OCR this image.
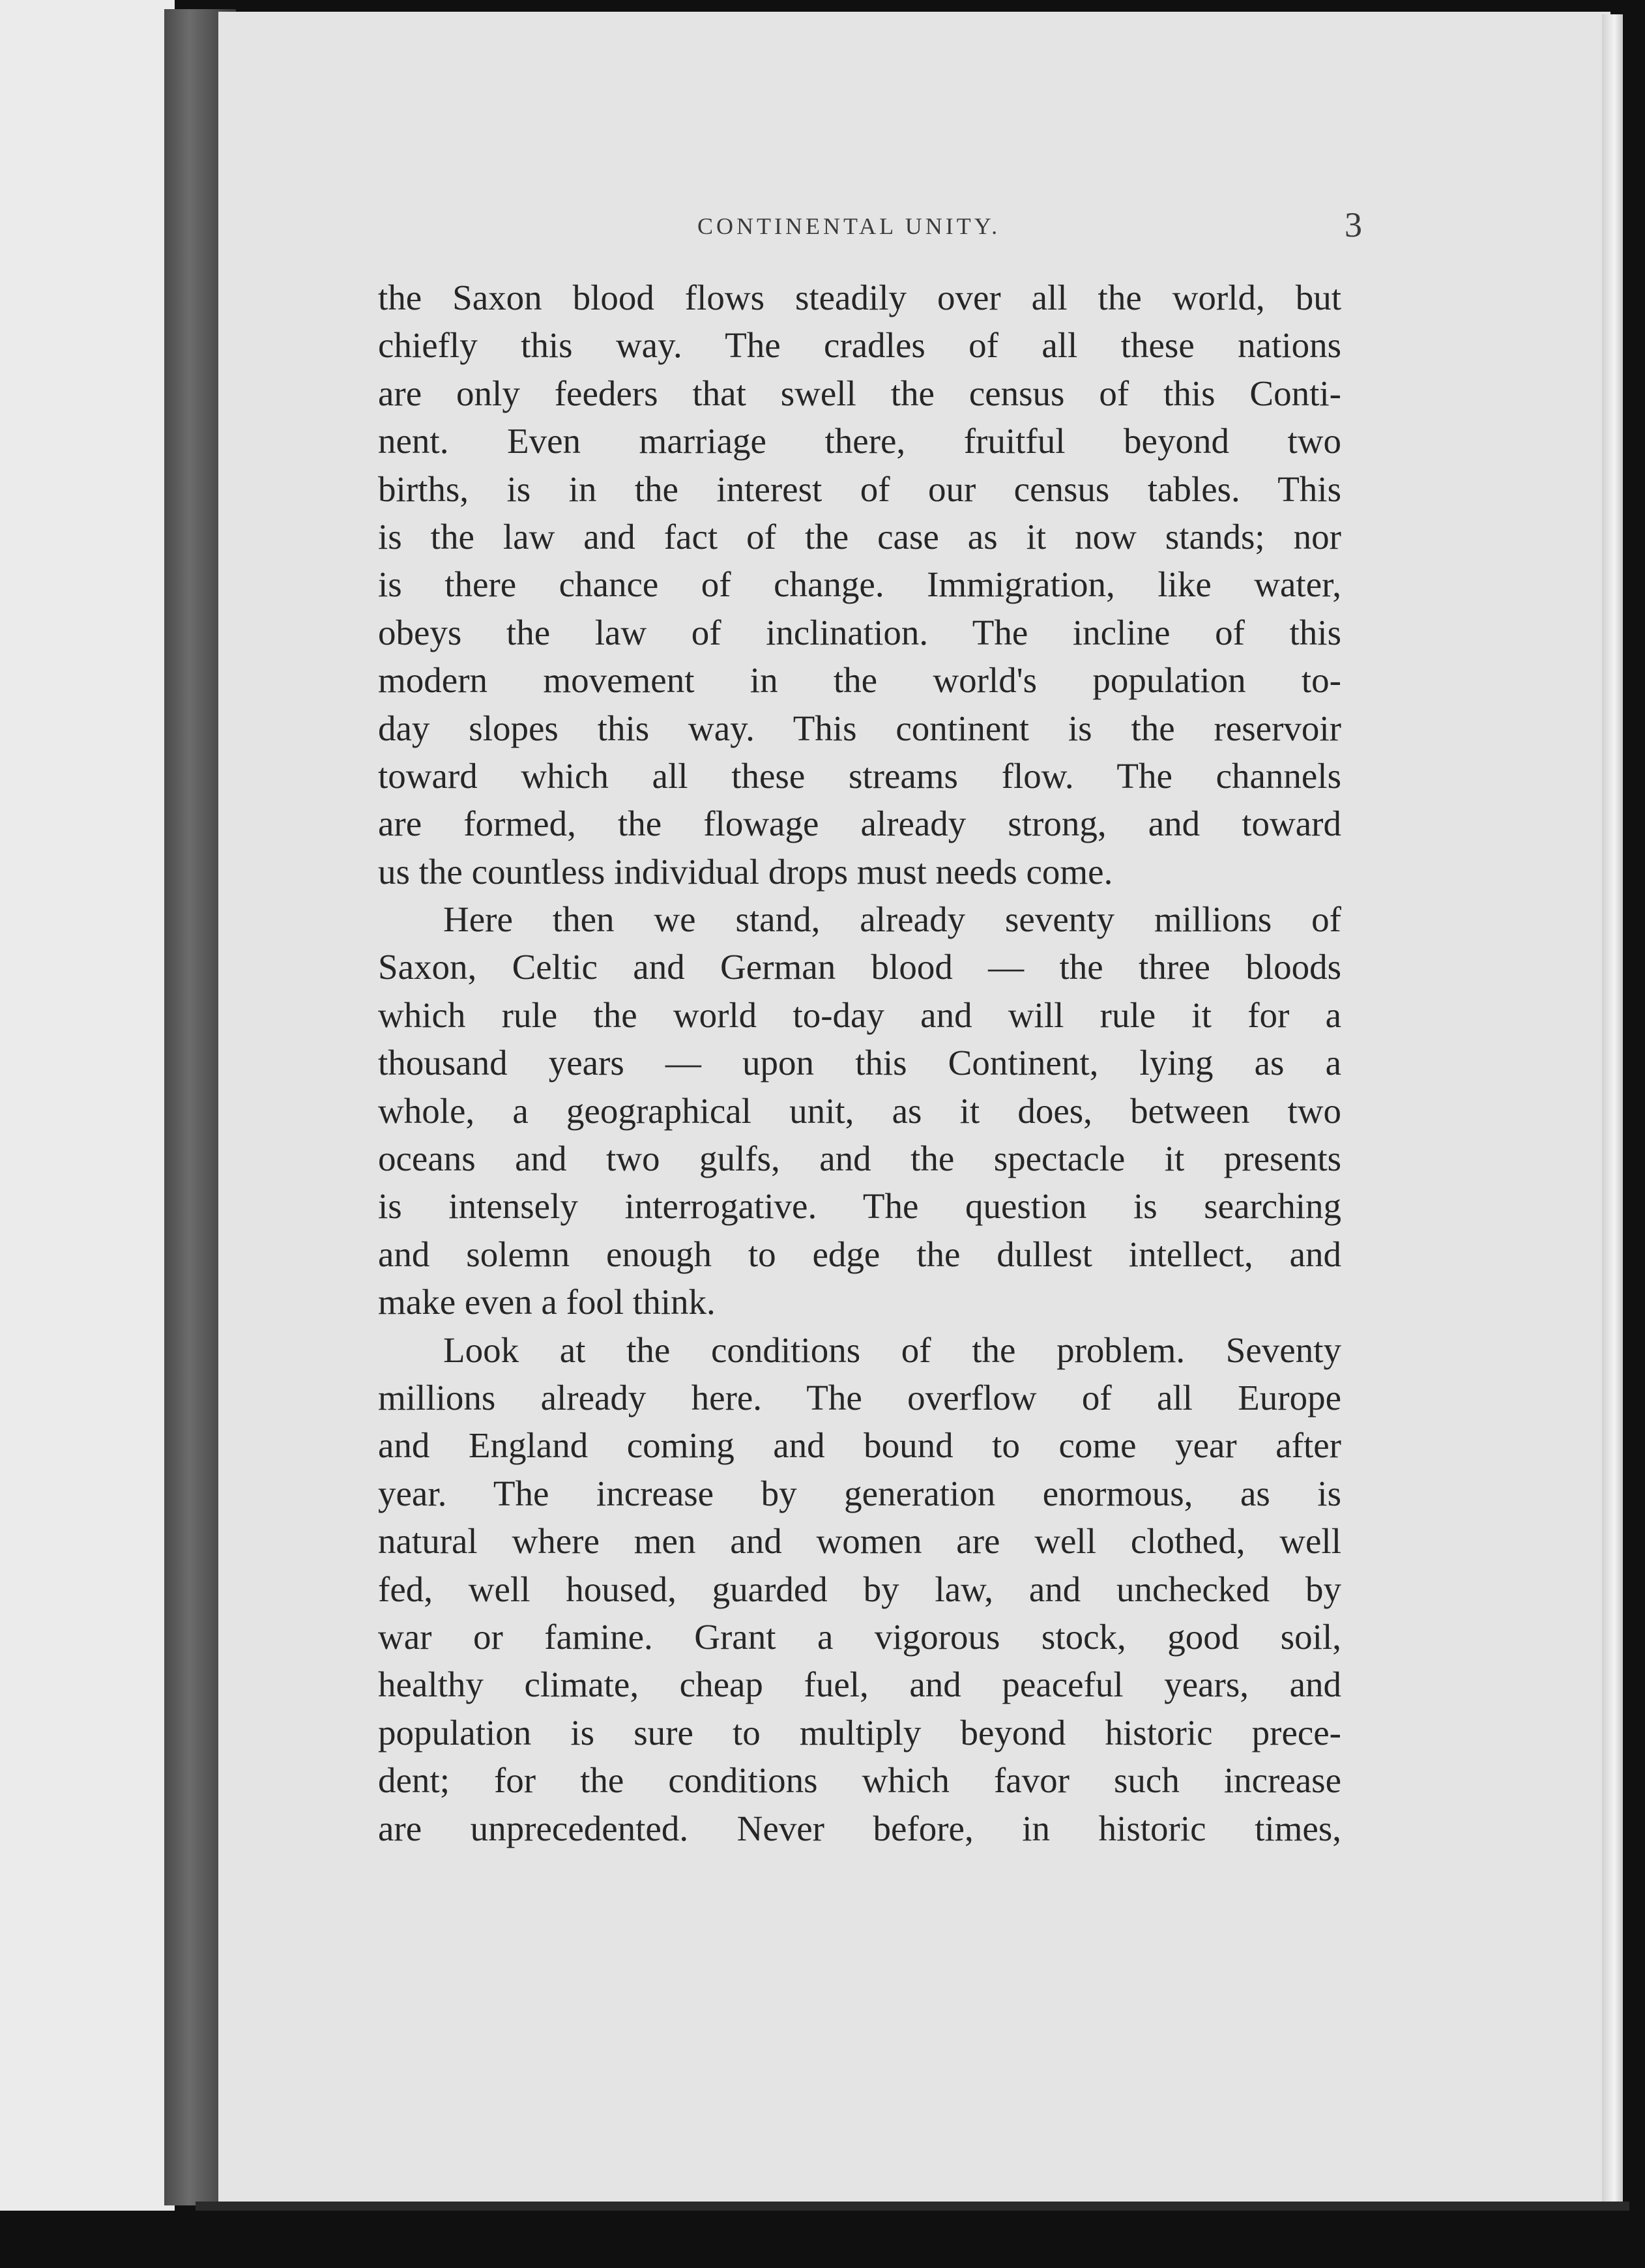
CONTINENTAL UNITY.	3
the Saxon blood flows steadily over all the world, but
chiefly this way. The cradles of all these nations
are only feeders that swell the census of this Conti-
nent. Even marriage there, fruitful beyond two
births, is in the interest of our census tables. This
is the law and fact of the case as it now stands; nor
is there chance of change. Immigration, like water,
obeys the law of inclination. The incline of this
modern movement in the world's population to-
day slopes this way. This continent is the reservoir
toward which all these streams flow. The channels
are formed, the flowage already strong, and toward
us the countless individual drops must needs come.
Here then we stand, already seventy millions of
Saxon, Celtic and German blood — the three bloods
which rule the world to-day and will rule it for a
thousand years — upon this Continent, lying as a
whole, a geographical unit, as it does, between two
oceans and two gulfs, and the spectacle it presents
is intensely interrogative. The question is searching
and solemn enough to edge the dullest intellect, and
make even a fool think.
Look at the conditions of the problem. Seventy
millions already here. The overflow of all Europe
and England coming and bound to come year after
year. The increase by generation enormous, as is
natural where men and women are well clothed, well
fed, well housed, guarded by law, and unchecked by
war or famine. Grant a vigorous stock, good soil,
healthy climate, cheap fuel, and peaceful years, and
population is sure to multiply beyond historic prece-
dent; for the conditions which favor such increase
are unprecedented. Never before, in historic times,
